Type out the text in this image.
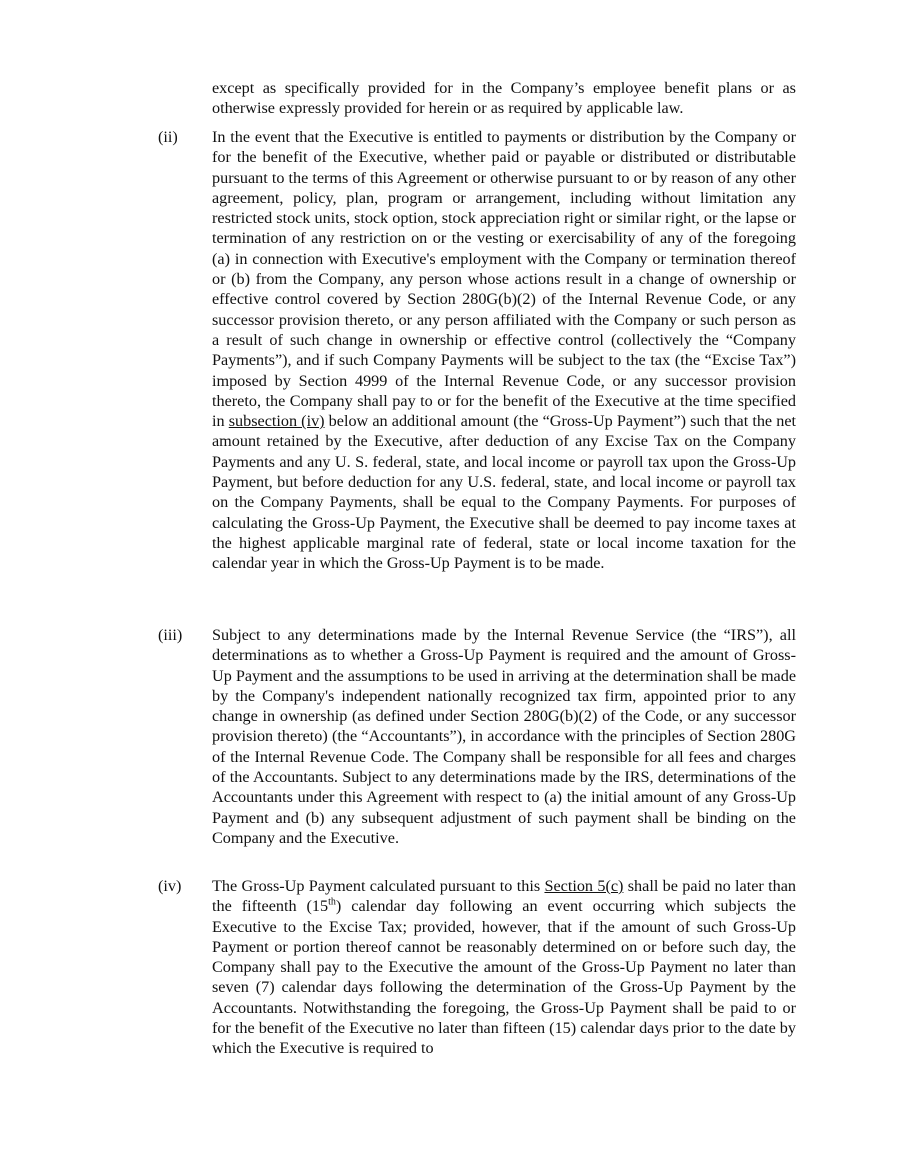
except as specifically provided for in the Company’s employee benefit plans or as otherwise expressly provided for herein or as required by applicable law.
(ii) In the event that the Executive is entitled to payments or distribution by the Company or for the benefit of the Executive, whether paid or payable or distributed or distributable pursuant to the terms of this Agreement or otherwise pursuant to or by reason of any other agreement, policy, plan, program or arrangement, including without limitation any restricted stock units, stock option, stock appreciation right or similar right, or the lapse or termination of any restriction on or the vesting or exercisability of any of the foregoing (a) in connection with Executive's employment with the Company or termination thereof or (b) from the Company, any person whose actions result in a change of ownership or effective control covered by Section 280G(b)(2) of the Internal Revenue Code, or any successor provision thereto, or any person affiliated with the Company or such person as a result of such change in ownership or effective control (collectively the “Company Payments”), and if such Company Payments will be subject to the tax (the “Excise Tax”) imposed by Section 4999 of the Internal Revenue Code, or any successor provision thereto, the Company shall pay to or for the benefit of the Executive at the time specified in subsection (iv) below an additional amount (the “Gross-Up Payment”) such that the net amount retained by the Executive, after deduction of any Excise Tax on the Company Payments and any U. S. federal, state, and local income or payroll tax upon the Gross-Up Payment, but before deduction for any U.S. federal, state, and local income or payroll tax on the Company Payments, shall be equal to the Company Payments. For purposes of calculating the Gross-Up Payment, the Executive shall be deemed to pay income taxes at the highest applicable marginal rate of federal, state or local income taxation for the calendar year in which the Gross-Up Payment is to be made.
(iii) Subject to any determinations made by the Internal Revenue Service (the “IRS”), all determinations as to whether a Gross-Up Payment is required and the amount of Gross-Up Payment and the assumptions to be used in arriving at the determination shall be made by the Company's independent nationally recognized tax firm, appointed prior to any change in ownership (as defined under Section 280G(b)(2) of the Code, or any successor provision thereto) (the “Accountants”), in accordance with the principles of Section 280G of the Internal Revenue Code. The Company shall be responsible for all fees and charges of the Accountants. Subject to any determinations made by the IRS, determinations of the Accountants under this Agreement with respect to (a) the initial amount of any Gross-Up Payment and (b) any subsequent adjustment of such payment shall be binding on the Company and the Executive.
(iv) The Gross-Up Payment calculated pursuant to this Section 5(c) shall be paid no later than the fifteenth (15th) calendar day following an event occurring which subjects the Executive to the Excise Tax; provided, however, that if the amount of such Gross-Up Payment or portion thereof cannot be reasonably determined on or before such day, the Company shall pay to the Executive the amount of the Gross-Up Payment no later than seven (7) calendar days following the determination of the Gross-Up Payment by the Accountants. Notwithstanding the foregoing, the Gross-Up Payment shall be paid to or for the benefit of the Executive no later than fifteen (15) calendar days prior to the date by which the Executive is required to
